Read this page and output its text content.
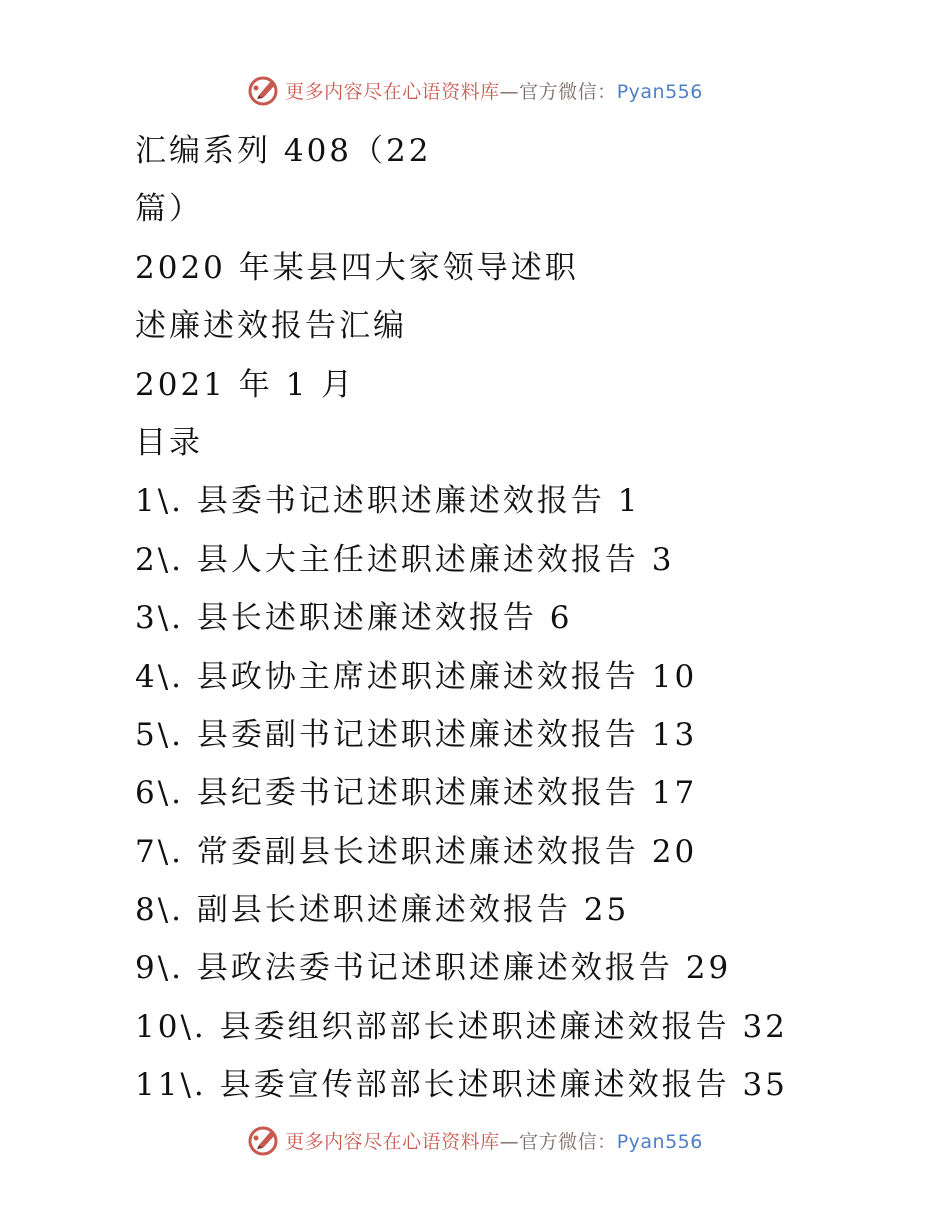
更多内容尽在心语资料库—官方微信：Pyan556
汇编系列 408（22
篇）
2020 年某县四大家领导述职
述廉述效报告汇编
2021 年 1 月
目录
1\. 县委书记述职述廉述效报告 1
2\. 县人大主任述职述廉述效报告 3
3\. 县长述职述廉述效报告 6
4\. 县政协主席述职述廉述效报告 10
5\. 县委副书记述职述廉述效报告 13
6\. 县纪委书记述职述廉述效报告 17
7\. 常委副县长述职述廉述效报告 20
8\. 副县长述职述廉述效报告 25
9\. 县政法委书记述职述廉述效报告 29
10\. 县委组织部部长述职述廉述效报告 32
11\. 县委宣传部部长述职述廉述效报告 35
更多内容尽在心语资料库—官方微信：Pyan556
